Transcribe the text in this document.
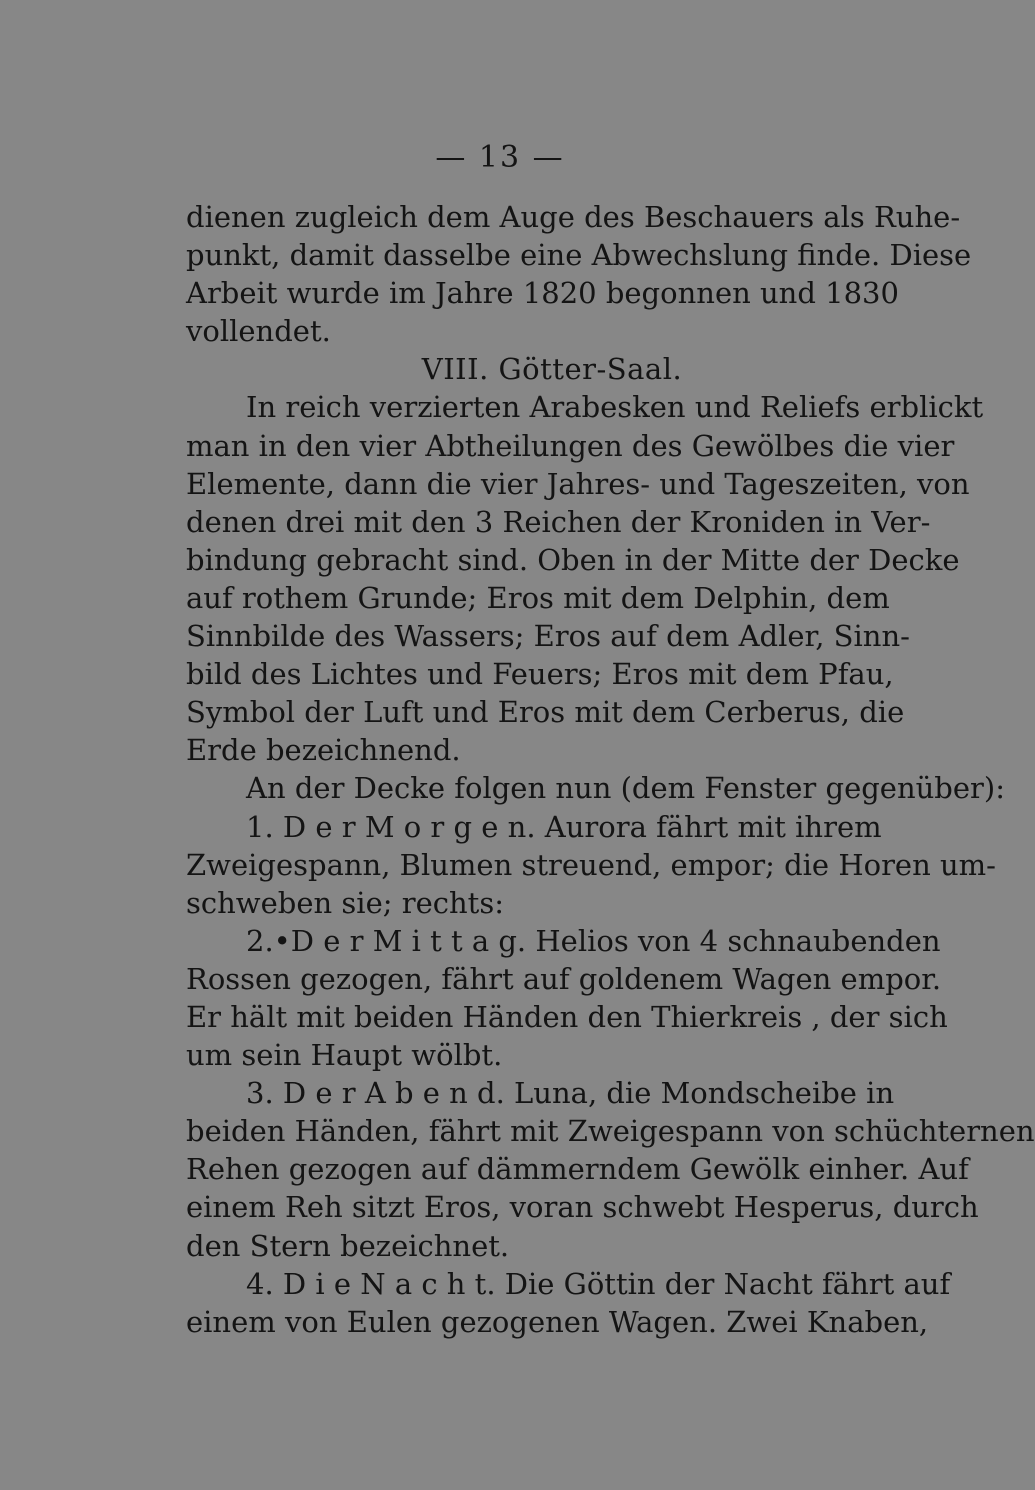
— 13 —
dienen zugleich dem Auge des Beschauers als Ruhe-
punkt, damit dasselbe eine Abwechslung finde. Diese
Arbeit wurde im Jahre 1820 begonnen und 1830
vollendet.
VIII. Götter-Saal.
In reich verzierten Arabesken und Reliefs erblickt
man in den vier Abtheilungen des Gewölbes die vier
Elemente, dann die vier Jahres- und Tageszeiten, von
denen drei mit den 3 Reichen der Kroniden in Ver-
bindung gebracht sind. Oben in der Mitte der Decke
auf rothem Grunde; Eros mit dem Delphin, dem
Sinnbilde des Wassers; Eros auf dem Adler, Sinn-
bild des Lichtes und Feuers; Eros mit dem Pfau,
Symbol der Luft und Eros mit dem Cerberus, die
Erde bezeichnend.
An der Decke folgen nun (dem Fenster gegenüber):
1. D e r M o r g e n. Aurora fährt mit ihrem
Zweigespann, Blumen streuend, empor; die Horen um-
schweben sie; rechts:
2.•D e r M i t t a g. Helios von 4 schnaubenden
Rossen gezogen, fährt auf goldenem Wagen empor.
Er hält mit beiden Händen den Thierkreis , der sich
um sein Haupt wölbt.
3. D e r A b e n d. Luna, die Mondscheibe in
beiden Händen, fährt mit Zweigespann von schüchternen
Rehen gezogen auf dämmerndem Gewölk einher. Auf
einem Reh sitzt Eros, voran schwebt Hesperus, durch
den Stern bezeichnet.
4. D i e N a c h t. Die Göttin der Nacht fährt auf
einem von Eulen gezogenen Wagen. Zwei Knaben,
